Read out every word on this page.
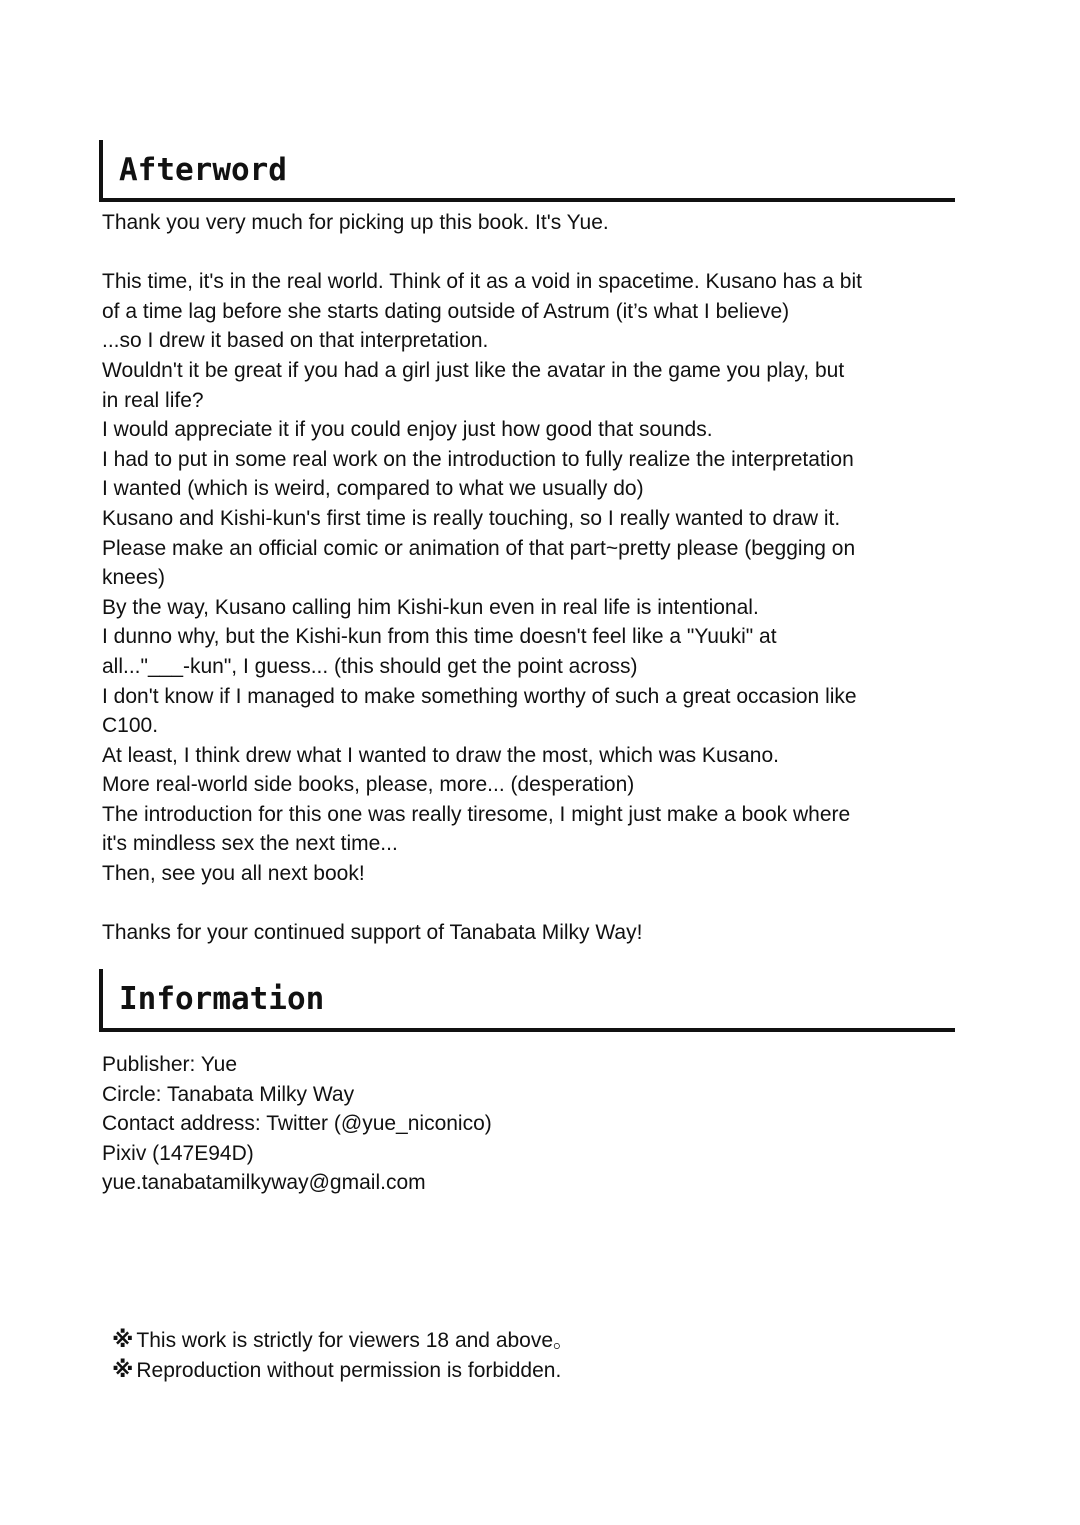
Afterword
Thank you very much for picking up this book. It's Yue.
This time, it's in the real world. Think of it as a void in spacetime. Kusano has a bit
of a time lag before she starts dating outside of Astrum (it’s what I believe)
...so I drew it based on that interpretation.
Wouldn't it be great if you had a girl just like the avatar in the game you play, but
in real life?
I would appreciate it if you could enjoy just how good that sounds.
I had to put in some real work on the introduction to fully realize the interpretation
I wanted (which is weird, compared to what we usually do)
Kusano and Kishi-kun's first time is really touching, so I really wanted to draw it.
Please make an official comic or animation of that part~pretty please (begging on
knees)
By the way, Kusano calling him Kishi-kun even in real life is intentional.
I dunno why, but the Kishi-kun from this time doesn't feel like a "Yuuki" at
all..."___-kun", I guess... (this should get the point across)
I don't know if I managed to make something worthy of such a great occasion like
C100.
At least, I think drew what I wanted to draw the most, which was Kusano.
More real-world side books, please, more... (desperation)
The introduction for this one was really tiresome, I might just make a book where
it's mindless sex the next time...
Then, see you all next book!
Thanks for your continued support of Tanabata Milky Way!
Information
Publisher: Yue
Circle: Tanabata Milky Way
Contact address: Twitter (@yue_niconico)
Pixiv (147E94D)
yue.tanabatamilkyway@gmail.com
※ This work is strictly for viewers 18 and above。
※ Reproduction without permission is forbidden.
